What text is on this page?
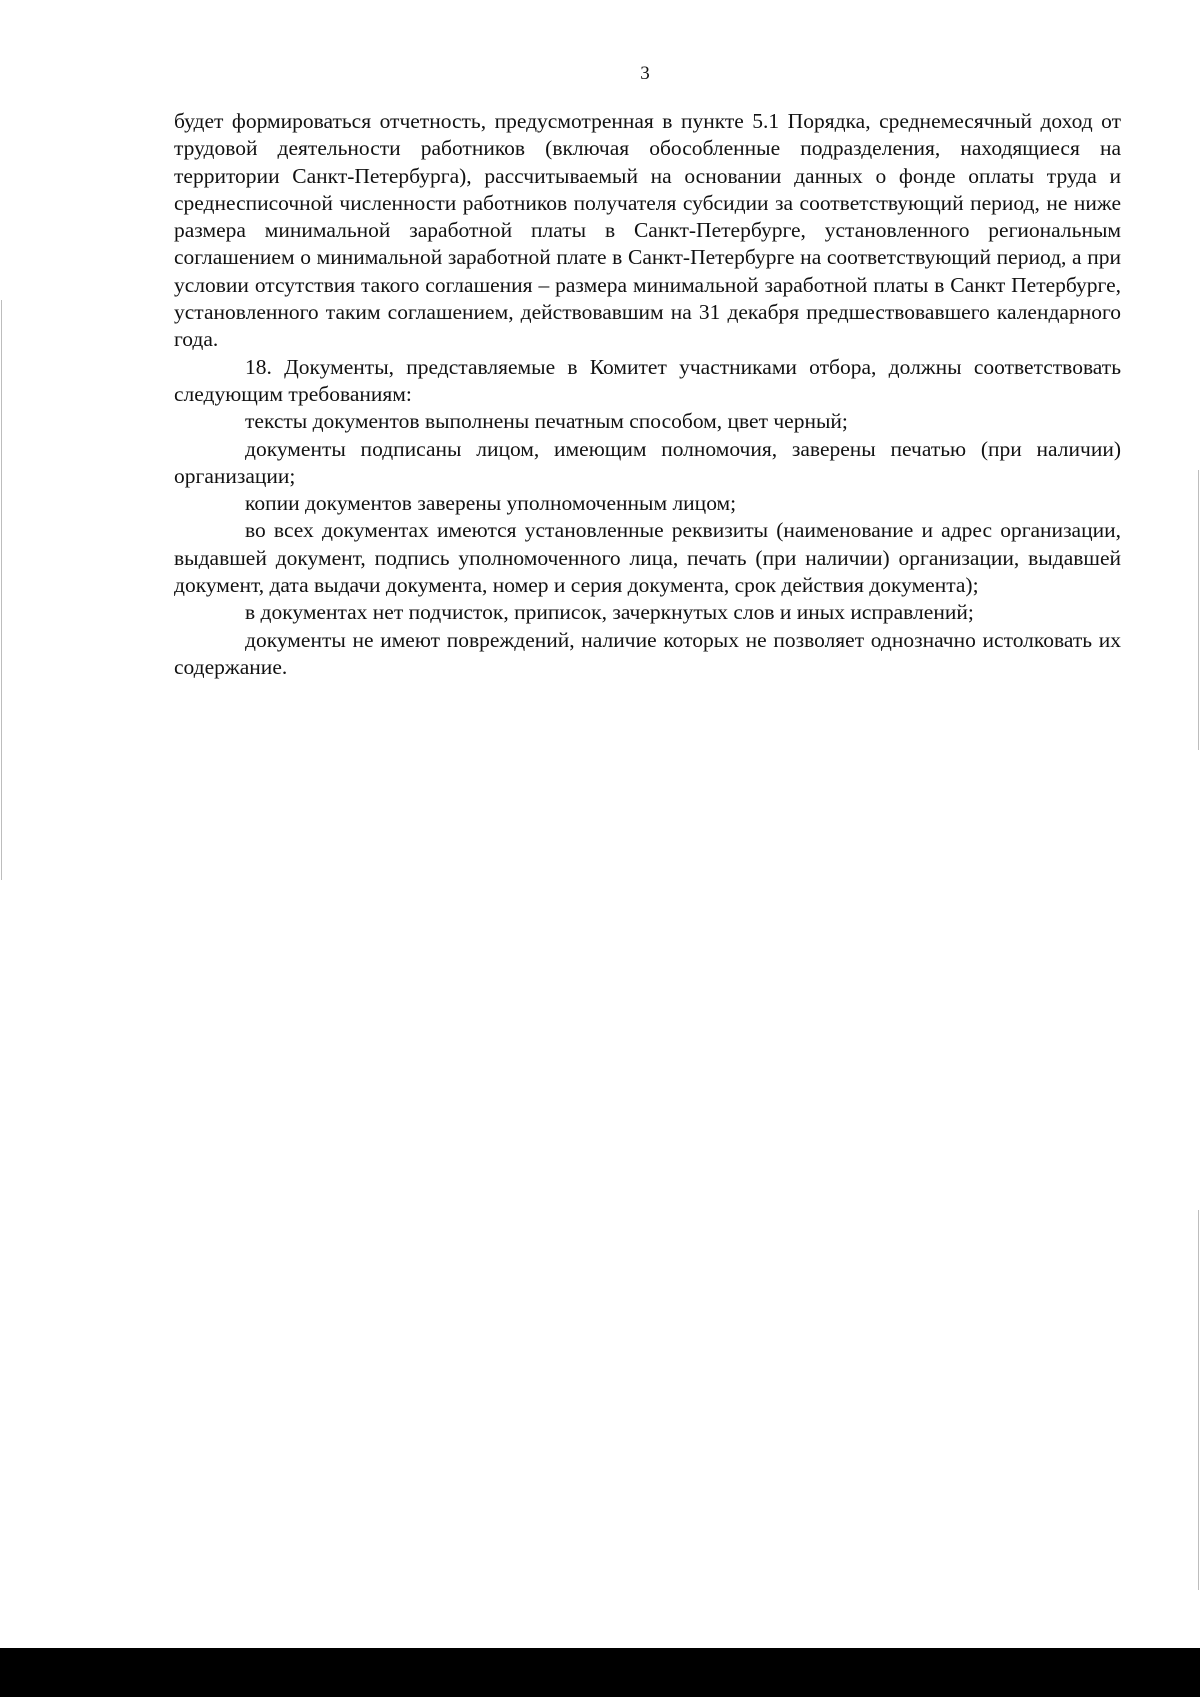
3

будет формироваться отчетность, предусмотренная в пункте 5.1 Порядка, среднемесячный доход от трудовой деятельности работников (включая обособленные подразделения, находящиеся на территории Санкт-Петербурга), рассчитываемый на основании данных о фонде оплаты труда и среднесписочной численности работников получателя субсидии за соответствующий период, не ниже размера минимальной заработной платы в Санкт-Петербурге, установленного региональным соглашением о минимальной заработной плате в Санкт-Петербурге на соответствующий период, а при условии отсутствия такого соглашения – размера минимальной заработной платы в Санкт Петербурге, установленного таким соглашением, действовавшим на 31 декабря предшествовавшего календарного года.

18. Документы, представляемые в Комитет участниками отбора, должны соответствовать следующим требованиям:

тексты документов выполнены печатным способом, цвет черный;

документы подписаны лицом, имеющим полномочия, заверены печатью (при наличии) организации;

копии документов заверены уполномоченным лицом;

во всех документах имеются установленные реквизиты (наименование и адрес организации, выдавшей документ, подпись уполномоченного лица, печать (при наличии) организации, выдавшей документ, дата выдачи документа, номер и серия документа, срок действия документа);

в документах нет подчисток, приписок, зачеркнутых слов и иных исправлений;

документы не имеют повреждений, наличие которых не позволяет однозначно истолковать их содержание.
